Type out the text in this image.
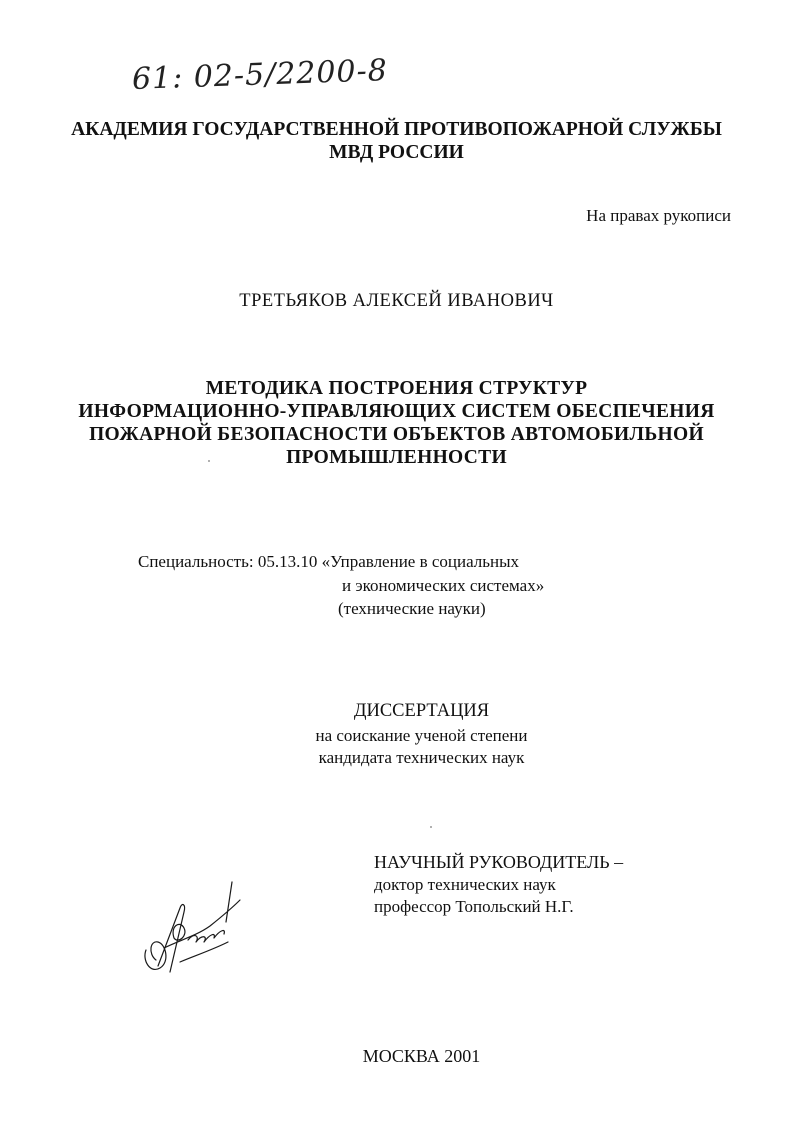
61: 02-5/2200-8
АКАДЕМИЯ ГОСУДАРСТВЕННОЙ ПРОТИВОПОЖАРНОЙ СЛУЖБЫ
МВД РОССИИ
На правах рукописи
ТРЕТЬЯКОВ АЛЕКСЕЙ ИВАНОВИЧ
МЕТОДИКА ПОСТРОЕНИЯ СТРУКТУР
ИНФОРМАЦИОННО-УПРАВЛЯЮЩИХ СИСТЕМ ОБЕСПЕЧЕНИЯ
ПОЖАРНОЙ БЕЗОПАСНОСТИ ОБЪЕКТОВ АВТОМОБИЛЬНОЙ
ПРОМЫШЛЕННОСТИ
Специальность: 05.13.10 «Управление в социальных
и экономических системах»
(технические науки)
ДИССЕРТАЦИЯ
на соискание ученой степени
кандидата технических наук
НАУЧНЫЙ РУКОВОДИТЕЛЬ –
доктор технических наук
профессор Топольский Н.Г.
МОСКВА 2001
